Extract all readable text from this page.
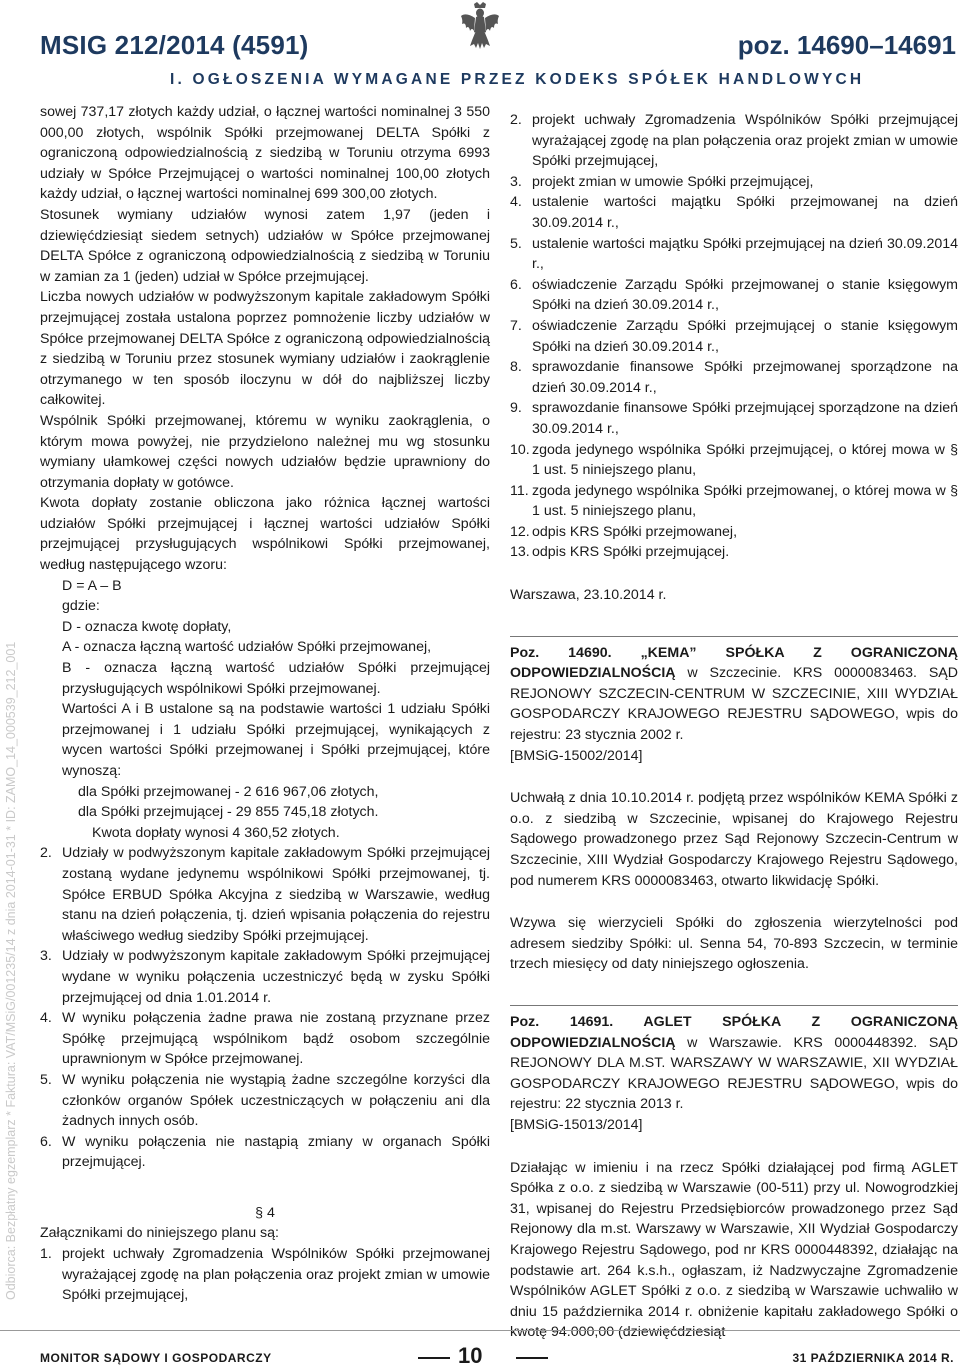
MSIG 212/2014 (4591)	poz. 14690–14691
I. OGŁOSZENIA WYMAGANE PRZEZ KODEKS SPÓŁEK HANDLOWYCH
Odbiorca: Bezpłatny egzemplarz * Faktura: VAT/MSiG/001235/14 z dnia 2014-01-31 * ID: ZAMO_14_000539_212_001

sowej 737,17 złotych każdy udział, o łącznej wartości nominalnej 3 550 000,00 złotych, wspólnik Spółki przejmowanej DELTA Spółki z ograniczoną odpowiedzialnością z siedzibą w Toruniu otrzyma 6993 udziały w Spółce Przejmującej o wartości nominalnej 100,00 złotych każdy udział, o łącznej wartości nominalnej 699 300,00 złotych.

Stosunek wymiany udziałów wynosi zatem 1,97 (jeden i dziewięćdziesiąt siedem setnych) udziałów w Spółce przejmowanej DELTA Spółce z ograniczoną odpowiedzialnością z siedzibą w Toruniu w zamian za 1 (jeden) udział w Spółce przejmującej.

Liczba nowych udziałów w podwyższonym kapitale zakładowym Spółki przejmującej została ustalona poprzez pomnożenie liczby udziałów w Spółce przejmowanej DELTA Spółce z ograniczoną odpowiedzialnością z siedzibą w Toruniu przez stosunek wymiany udziałów i zaokrąglenie otrzymanego w ten sposób iloczynu w dół do najbliższej liczby całkowitej.

Wspólnik Spółki przejmowanej, któremu w wyniku zaokrąglenia, o którym mowa powyżej, nie przydzielono należnej mu wg stosunku wymiany ułamkowej części nowych udziałów będzie uprawniony do otrzymania dopłaty w gotówce.

Kwota dopłaty zostanie obliczona jako różnica łącznej wartości udziałów Spółki przejmującej i łącznej wartości udziałów Spółki przejmującej przysługujących wspólnikowi Spółki przejmowanej, według następującego wzoru:

D = A – B

gdzie:

D - oznacza kwotę dopłaty,

A - oznacza łączną wartość udziałów Spółki przejmowanej,

B - oznacza łączną wartość udziałów Spółki przejmującej przysługujących wspólnikowi Spółki przejmowanej.

Wartości A i B ustalone są na podstawie wartości 1 udziału Spółki przejmowanej i 1 udziału Spółki przejmującej, wynikających z wycen wartości Spółki przejmowanej i Spółki przejmującej, które wynoszą:

dla Spółki przejmowanej - 2 616 967,06 złotych,

dla Spółki przejmującej - 29 855 745,18 złotych.

Kwota dopłaty wynosi 4 360,52 złotych.

2. Udziały w podwyższonym kapitale zakładowym Spółki przejmującej zostaną wydane jedynemu wspólnikowi Spółki przejmowanej, tj. Spółce ERBUD Spółka Akcyjna z siedzibą w Warszawie, według stanu na dzień połączenia, tj. dzień wpisania połączenia do rejestru właściwego według siedziby Spółki przejmującej.
3. Udziały w podwyższonym kapitale zakładowym Spółki przejmującej wydane w wyniku połączenia uczestniczyć będą w zysku Spółki przejmującej od dnia 1.01.2014 r.
4. W wyniku połączenia żadne prawa nie zostaną przyznane przez Spółkę przejmującą wspólnikom bądź osobom szczególnie uprawnionym w Spółce przejmowanej.
5. W wyniku połączenia nie wystąpią żadne szczególne korzyści dla członków organów Spółek uczestniczących w połączeniu ani dla żadnych innych osób.
6. W wyniku połączenia nie nastąpią zmiany w organach Spółki przejmującej.

§ 4

Załącznikami do niniejszego planu są:

1. projekt uchwały Zgromadzenia Wspólników Spółki przejmowanej wyrażającej zgodę na plan połączenia oraz projekt zmian w umowie Spółki przejmującej,
2. projekt uchwały Zgromadzenia Wspólników Spółki przejmującej wyrażającej zgodę na plan połączenia oraz projekt zmian w umowie Spółki przejmującej,
3. projekt zmian w umowie Spółki przejmującej,
4. ustalenie wartości majątku Spółki przejmowanej na dzień 30.09.2014 r.,
5. ustalenie wartości majątku Spółki przejmującej na dzień 30.09.2014 r.,
6. oświadczenie Zarządu Spółki przejmowanej o stanie księgowym Spółki na dzień 30.09.2014 r.,
7. oświadczenie Zarządu Spółki przejmującej o stanie księgowym Spółki na dzień 30.09.2014 r.,
8. sprawozdanie finansowe Spółki przejmowanej sporządzone na dzień 30.09.2014 r.,
9. sprawozdanie finansowe Spółki przejmującej sporządzone na dzień 30.09.2014 r.,
10. zgoda jedynego wspólnika Spółki przejmującej, o której mowa w § 1 ust. 5 niniejszego planu,
11. zgoda jedynego wspólnika Spółki przejmowanej, o której mowa w § 1 ust. 5 niniejszego planu,
12. odpis KRS Spółki przejmowanej,
13. odpis KRS Spółki przejmującej.

Warszawa, 23.10.2014 r.

Poz. 14690. „KEMA” SPÓŁKA Z OGRANICZONĄ ODPOWIEDZIALNOŚCIĄ w Szczecinie. KRS 0000083463. SĄD REJONOWY SZCZECIN-CENTRUM W SZCZECINIE, XIII WYDZIAŁ GOSPODARCZY KRAJOWEGO REJESTRU SĄDOWEGO, wpis do rejestru: 23 stycznia 2002 r.

[BMSiG-15002/2014]

Uchwałą z dnia 10.10.2014 r. podjętą przez wspólników KEMA Spółki z o.o. z siedzibą w Szczecinie, wpisanej do Krajowego Rejestru Sądowego prowadzonego przez Sąd Rejonowy Szczecin-Centrum w Szczecinie, XIII Wydział Gospodarczy Krajowego Rejestru Sądowego, pod numerem KRS 0000083463, otwarto likwidację Spółki.

Wzywa się wierzycieli Spółki do zgłoszenia wierzytelności pod adresem siedziby Spółki: ul. Senna 54, 70-893 Szczecin, w terminie trzech miesięcy od daty niniejszego ogłoszenia.

Poz. 14691. AGLET SPÓŁKA Z OGRANICZONĄ ODPOWIEDZIALNOŚCIĄ w Warszawie. KRS 0000448392. SĄD REJONOWY DLA M.ST. WARSZAWY W WARSZAWIE, XII WYDZIAŁ GOSPODARCZY KRAJOWEGO REJESTRU SĄDOWEGO, wpis do rejestru: 22 stycznia 2013 r.

[BMSiG-15013/2014]

Działając w imieniu i na rzecz Spółki działającej pod firmą AGLET Spółka z o.o. z siedzibą w Warszawie (00-511) przy ul. Nowogrodzkiej 31, wpisanej do Rejestru Przedsiębiorców prowadzonego przez Sąd Rejonowy dla m.st. Warszawy w Warszawie, XII Wydział Gospodarczy Krajowego Rejestru Sądowego, pod nr KRS 0000448392, działając na podstawie art. 264 k.s.h., ogłaszam, iż Nadzwyczajne Zgromadzenie Wspólników AGLET Spółki z o.o. z siedzibą w Warszawie uchwaliło w dniu 15 października 2014 r. obniżenie kapitału zakładowego Spółki o kwotę 94.000,00 (dziewięćdziesiąt

MONITOR SĄDOWY I GOSPODARCZY	10	31 PAŹDZIERNIKA 2014 R.
